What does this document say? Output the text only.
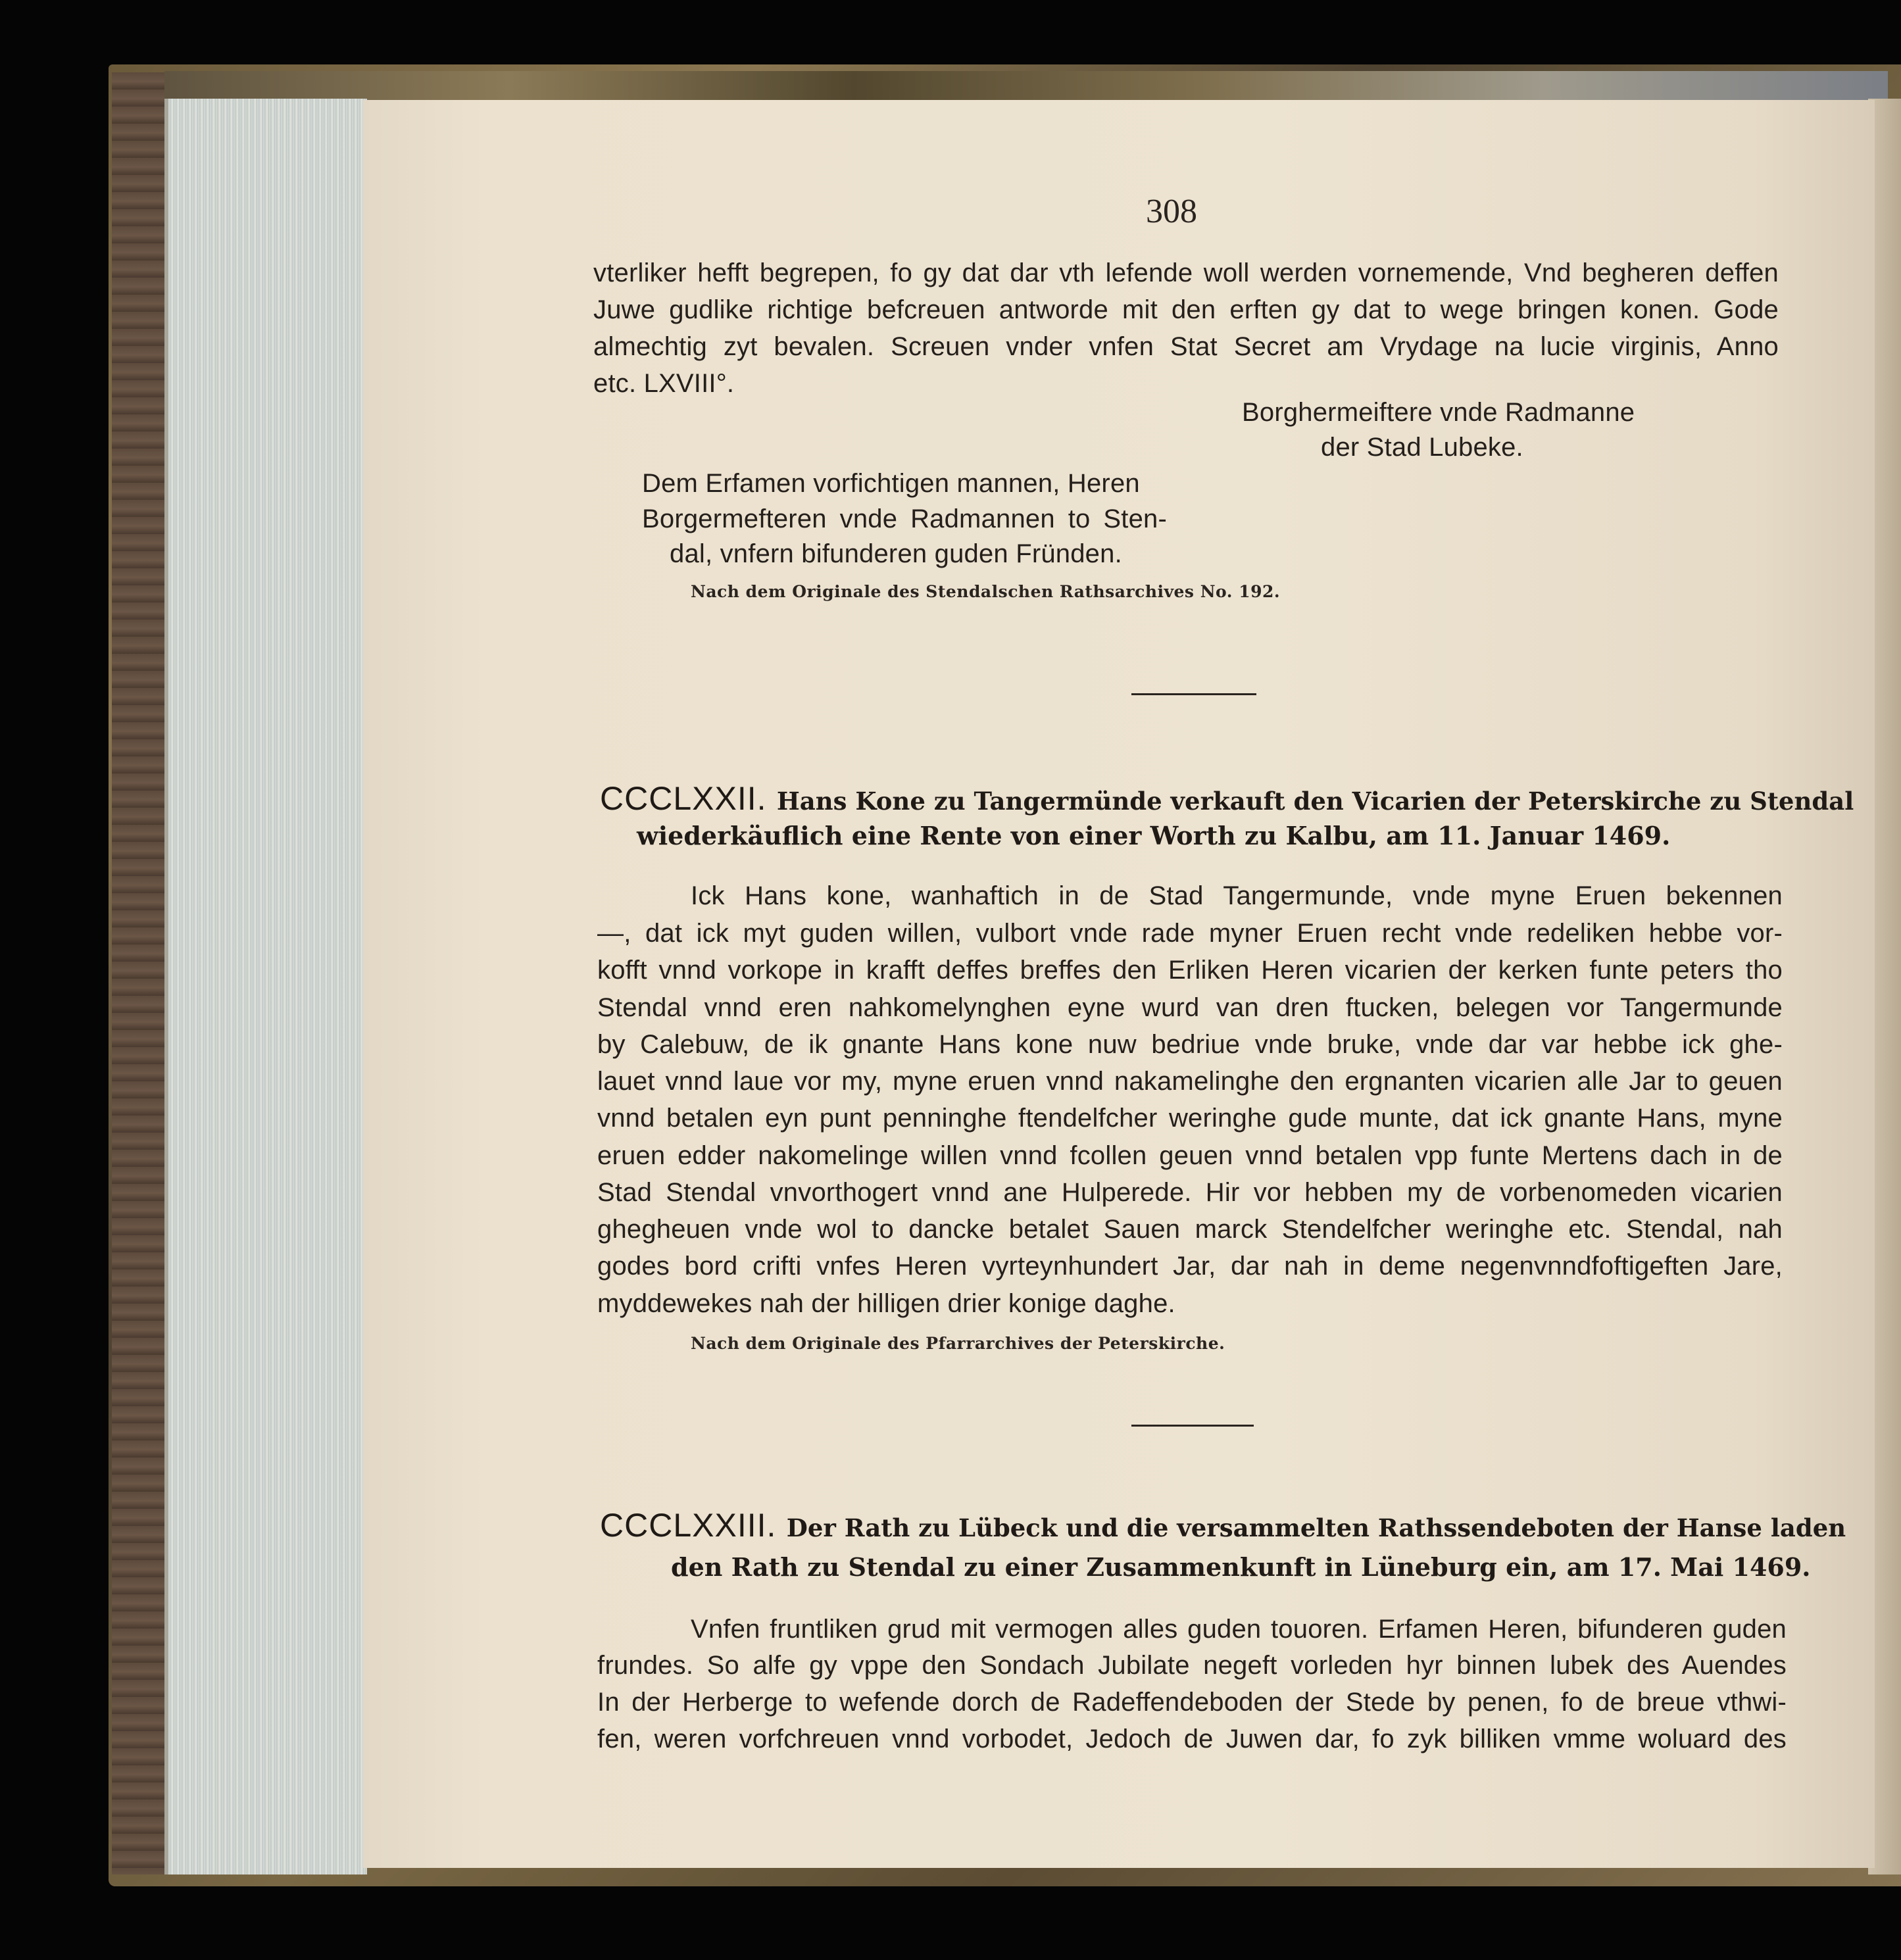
308
vterliker hefft begrepen, fo gy dat dar vth lefende woll werden vornemende, Vnd begheren deffen
Juwe gudlike richtige befcreuen antworde mit den erften gy dat to wege bringen konen. Gode
almechtig zyt bevalen. Screuen vnder vnfen Stat Secret am Vrydage na lucie virginis, Anno
etc. LXVIII°.
Borghermeiftere vnde Radmanne
der Stad Lubeke.
Dem Erfamen vorfichtigen mannen, Heren
Borgermefteren vnde Radmannen to Sten-
dal, vnfern bifunderen guden Fründen.
Nach dem Originale des Stendalschen Rathsarchives No. 192.
CCCLXXII. Hans Kone zu Tangermünde verkauft den Vicarien der Peterskirche zu Stendal
wiederkäuflich eine Rente von einer Worth zu Kalbu, am 11. Januar 1469.
Ick Hans kone, wanhaftich in de Stad Tangermunde, vnde myne Eruen bekennen
—, dat ick myt guden willen, vulbort vnde rade myner Eruen recht vnde redeliken hebbe vor-
kofft vnnd vorkope in krafft deffes breffes den Erliken Heren vicarien der kerken funte peters tho
Stendal vnnd eren nahkomelynghen eyne wurd van dren ftucken, belegen vor Tangermunde
by Calebuw, de ik gnante Hans kone nuw bedriue vnde bruke, vnde dar var hebbe ick ghe-
lauet vnnd laue vor my, myne eruen vnnd nakamelinghe den ergnanten vicarien alle Jar to geuen
vnnd betalen eyn punt penninghe ftendelfcher weringhe gude munte, dat ick gnante Hans, myne
eruen edder nakomelinge willen vnnd fcollen geuen vnnd betalen vpp funte Mertens dach in de
Stad Stendal vnvorthogert vnnd ane Hulperede. Hir vor hebben my de vorbenomeden vicarien
ghegheuen vnde wol to dancke betalet Sauen marck Stendelfcher weringhe etc. Stendal, nah
godes bord crifti vnfes Heren vyrteynhundert Jar, dar nah in deme negenvnndfoftigeften Jare,
myddewekes nah der hilligen drier konige daghe.
Nach dem Originale des Pfarrarchives der Peterskirche.
CCCLXXIII. Der Rath zu Lübeck und die versammelten Rathssendeboten der Hanse laden
den Rath zu Stendal zu einer Zusammenkunft in Lüneburg ein, am 17. Mai 1469.
Vnfen fruntliken grud mit vermogen alles guden touoren. Erfamen Heren, bifunderen guden
frundes. So alfe gy vppe den Sondach Jubilate negeft vorleden hyr binnen lubek des Auendes
In der Herberge to wefende dorch de Radeffendeboden der Stede by penen, fo de breue vthwi-
fen, weren vorfchreuen vnnd vorbodet, Jedoch de Juwen dar, fo zyk billiken vmme woluard des
